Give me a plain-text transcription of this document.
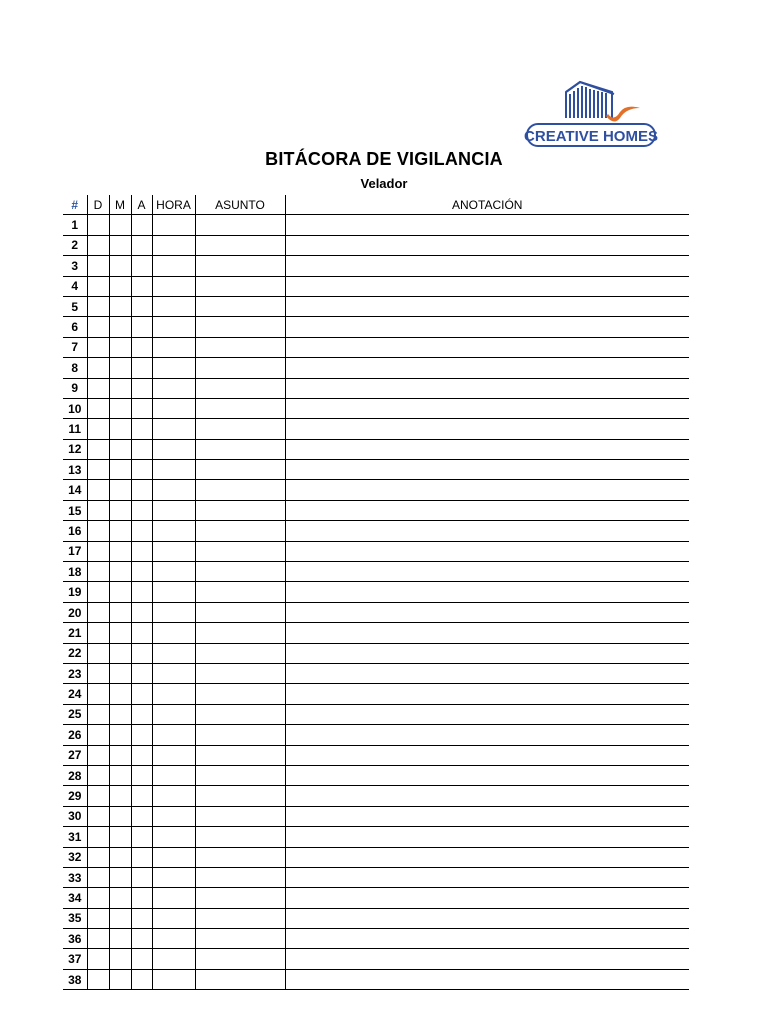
CREATIVE HOMES
BITÁCORA DE VIGILANCIA
Velador
#	D	M	A	HORA	ASUNTO	ANOTACIÓN
1						
2						
3						
4						
5						
6						
7						
8						
9						
10						
11						
12						
13						
14						
15						
16						
17						
18						
19						
20						
21						
22						
23						
24						
25						
26						
27						
28						
29						
30						
31						
32						
33						
34						
35						
36						
37						
38						
